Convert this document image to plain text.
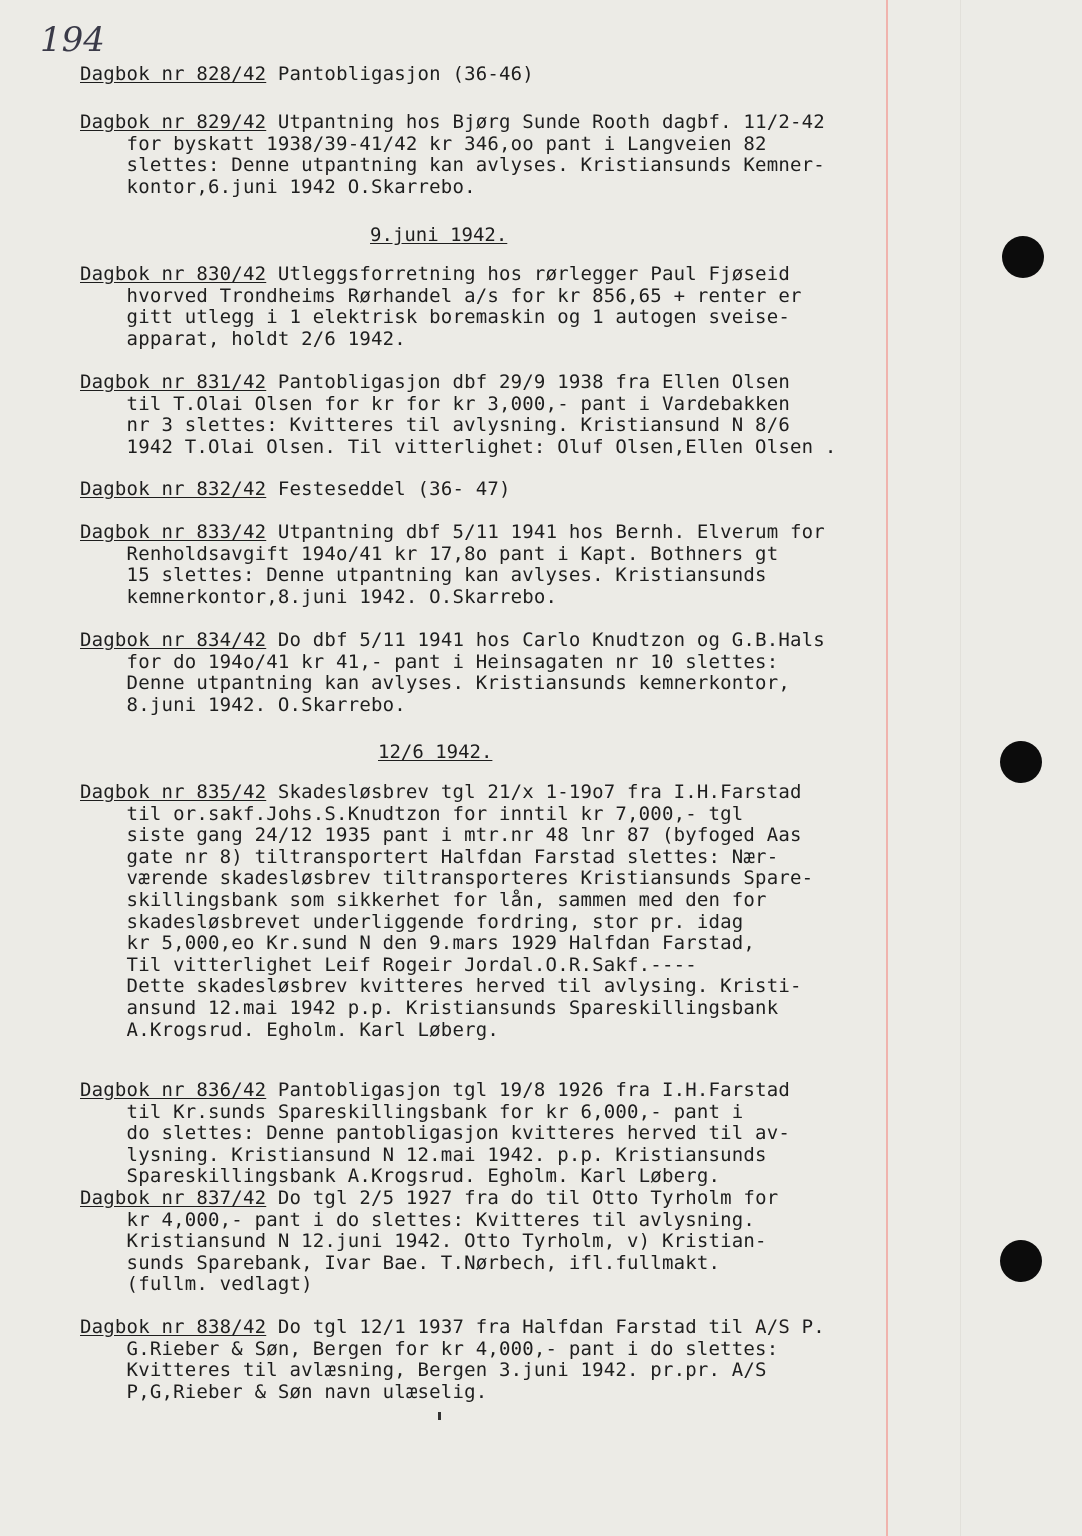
194
Dagbok nr 828/42 Pantobligasjon (36-46)
Dagbok nr 829/42 Utpantning hos Bjørg Sunde Rooth dagbf. 11/2-42
for byskatt 1938/39-41/42 kr 346,oo pant i Langveien 82
slettes: Denne utpantning kan avlyses. Kristiansunds Kemner-
kontor,6.juni 1942 O.Skarrebo.
9.juni 1942.
Dagbok nr 830/42 Utleggsforretning hos rørlegger Paul Fjøseid
hvorved Trondheims Rørhandel a/s for kr 856,65 + renter er
gitt utlegg i 1 elektrisk boremaskin og 1 autogen sveise-
apparat, holdt 2/6 1942.
Dagbok nr 831/42 Pantobligasjon dbf 29/9 1938 fra Ellen Olsen
til T.Olai Olsen for kr for kr 3,000,- pant i Vardebakken
nr 3 slettes: Kvitteres til avlysning. Kristiansund N 8/6
1942 T.Olai Olsen. Til vitterlighet: Oluf Olsen,Ellen Olsen .
Dagbok nr 832/42 Festeseddel (36- 47)
Dagbok nr 833/42 Utpantning dbf 5/11 1941 hos Bernh. Elverum for
Renholdsavgift 194o/41 kr 17,8o pant i Kapt. Bothners gt
15 slettes: Denne utpantning kan avlyses. Kristiansunds
kemnerkontor,8.juni 1942. O.Skarrebo.
Dagbok nr 834/42 Do dbf 5/11 1941 hos Carlo Knudtzon og G.B.Hals
for do 194o/41 kr 41,- pant i Heinsagaten nr 10 slettes:
Denne utpantning kan avlyses. Kristiansunds kemnerkontor,
8.juni 1942. O.Skarrebo.
12/6 1942.
Dagbok nr 835/42 Skadesløsbrev tgl 21/x 1-19o7 fra I.H.Farstad
til or.sakf.Johs.S.Knudtzon for inntil kr 7,000,- tgl
siste gang 24/12 1935 pant i mtr.nr 48 lnr 87 (byfoged Aas
gate nr 8) tiltransportert Halfdan Farstad slettes: Nær-
værende skadesløsbrev tiltransporteres Kristiansunds Spare-
skillingsbank som sikkerhet for lån, sammen med den for
skadesløsbrevet underliggende fordring, stor pr. idag
kr 5,000,eo Kr.sund N den 9.mars 1929 Halfdan Farstad,
Til vitterlighet Leif Rogeir Jordal.O.R.Sakf.----
Dette skadesløsbrev kvitteres herved til avlysing. Kristi-
ansund 12.mai 1942 p.p. Kristiansunds Spareskillingsbank
A.Krogsrud. Egholm. Karl Løberg.
Dagbok nr 836/42 Pantobligasjon tgl 19/8 1926 fra I.H.Farstad
til Kr.sunds Spareskillingsbank for kr 6,000,- pant i
do slettes: Denne pantobligasjon kvitteres herved til av-
lysning. Kristiansund N 12.mai 1942. p.p. Kristiansunds
Spareskillingsbank A.Krogsrud. Egholm. Karl Løberg.
Dagbok nr 837/42 Do tgl 2/5 1927 fra do til Otto Tyrholm for
kr 4,000,- pant i do slettes: Kvitteres til avlysning.
Kristiansund N 12.juni 1942. Otto Tyrholm, v) Kristian-
sunds Sparebank, Ivar Bae. T.Nørbech, ifl.fullmakt.
(fullm. vedlagt)
Dagbok nr 838/42 Do tgl 12/1 1937 fra Halfdan Farstad til A/S P.
G.Rieber & Søn, Bergen for kr 4,000,- pant i do slettes:
Kvitteres til avlæsning, Bergen 3.juni 1942. pr.pr. A/S
P,G,Rieber & Søn navn ulæselig.
